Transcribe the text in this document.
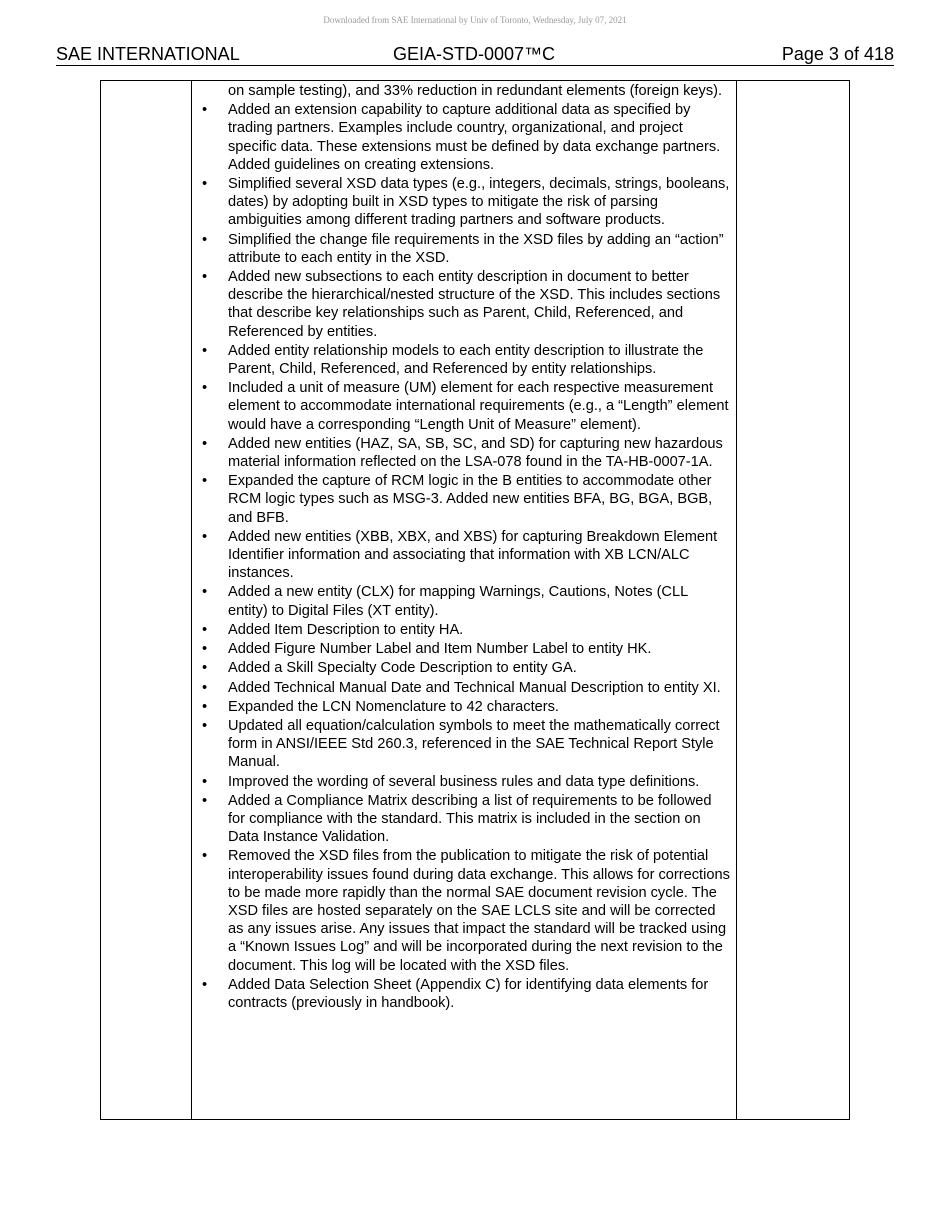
Downloaded from SAE International by Univ of Toronto, Wednesday, July 07, 2021
SAE INTERNATIONAL	GEIA-STD-0007™C	Page 3 of 418
on sample testing), and 33% reduction in redundant elements (foreign keys).
• Added an extension capability to capture additional data as specified by trading partners. Examples include country, organizational, and project specific data. These extensions must be defined by data exchange partners. Added guidelines on creating extensions.
• Simplified several XSD data types (e.g., integers, decimals, strings, booleans, dates) by adopting built in XSD types to mitigate the risk of parsing ambiguities among different trading partners and software products.
• Simplified the change file requirements in the XSD files by adding an “action” attribute to each entity in the XSD.
• Added new subsections to each entity description in document to better describe the hierarchical/nested structure of the XSD. This includes sections that describe key relationships such as Parent, Child, Referenced, and Referenced by entities.
• Added entity relationship models to each entity description to illustrate the Parent, Child, Referenced, and Referenced by entity relationships.
• Included a unit of measure (UM) element for each respective measurement element to accommodate international requirements (e.g., a “Length” element would have a corresponding “Length Unit of Measure” element).
• Added new entities (HAZ, SA, SB, SC, and SD) for capturing new hazardous material information reflected on the LSA-078 found in the TA-HB-0007-1A.
• Expanded the capture of RCM logic in the B entities to accommodate other RCM logic types such as MSG-3. Added new entities BFA, BG, BGA, BGB, and BFB.
• Added new entities (XBB, XBX, and XBS) for capturing Breakdown Element Identifier information and associating that information with XB LCN/ALC instances.
• Added a new entity (CLX) for mapping Warnings, Cautions, Notes (CLL entity) to Digital Files (XT entity).
• Added Item Description to entity HA.
• Added Figure Number Label and Item Number Label to entity HK.
• Added a Skill Specialty Code Description to entity GA.
• Added Technical Manual Date and Technical Manual Description to entity XI.
• Expanded the LCN Nomenclature to 42 characters.
• Updated all equation/calculation symbols to meet the mathematically correct form in ANSI/IEEE Std 260.3, referenced in the SAE Technical Report Style Manual.
• Improved the wording of several business rules and data type definitions.
• Added a Compliance Matrix describing a list of requirements to be followed for compliance with the standard. This matrix is included in the section on Data Instance Validation.
• Removed the XSD files from the publication to mitigate the risk of potential interoperability issues found during data exchange. This allows for corrections to be made more rapidly than the normal SAE document revision cycle. The XSD files are hosted separately on the SAE LCLS site and will be corrected as any issues arise. Any issues that impact the standard will be tracked using a “Known Issues Log” and will be incorporated during the next revision to the document. This log will be located with the XSD files.
• Added Data Selection Sheet (Appendix C) for identifying data elements for contracts (previously in handbook).
